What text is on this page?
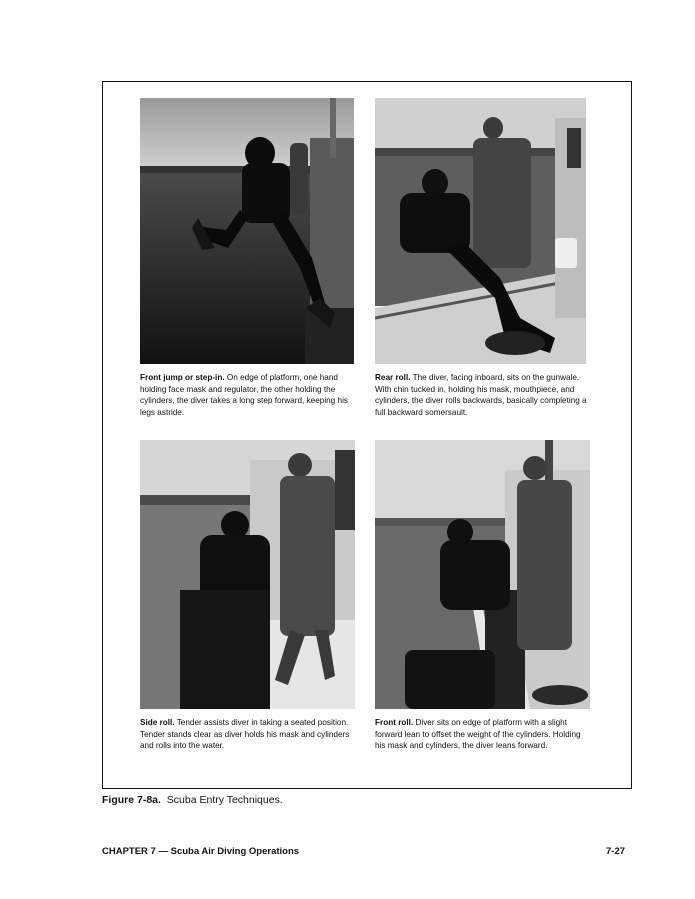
Front jump or step-in. On edge of platform, one hand holding face mask and regulator, the other holding the cylinders, the diver takes a long step forward, keeping his legs astride.
Rear roll. The diver, facing inboard, sits on the gunwale. With chin tucked in, holding his mask, mouthpiece, and cylinders, the diver rolls backwards, basically completing a full backward somersault.
Side roll. Tender assists diver in taking a seated position. Tender stands clear as diver holds his mask and cylinders and rolls into the water.
Front roll. Diver sits on edge of platform with a slight forward lean to offset the weight of the cylinders. Holding his mask and cylinders, the diver leans forward.
Figure 7-8a. Scuba Entry Techniques.
CHAPTER 7 — Scuba Air Diving Operations	7-27
